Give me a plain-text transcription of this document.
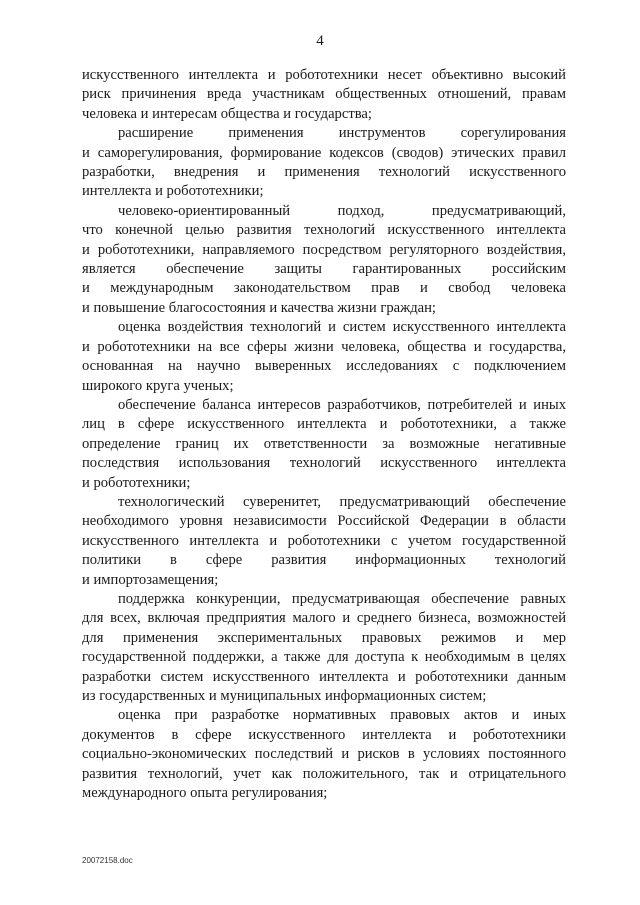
4

искусственного интеллекта и робототехники несет объективно высокий
риск причинения вреда участникам общественных отношений, правам
человека и интересам общества и государства;

расширение применения инструментов сорегулирования
и саморегулирования, формирование кодексов (сводов) этических правил
разработки, внедрения и применения технологий искусственного
интеллекта и робототехники;

человеко-ориентированный подход, предусматривающий,
что конечной целью развития технологий искусственного интеллекта
и робототехники, направляемого посредством регуляторного воздействия,
является обеспечение защиты гарантированных российским
и международным законодательством прав и свобод человека
и повышение благосостояния и качества жизни граждан;

оценка воздействия технологий и систем искусственного интеллекта
и робототехники на все сферы жизни человека, общества и государства,
основанная на научно выверенных исследованиях с подключением
широкого круга ученых;

обеспечение баланса интересов разработчиков, потребителей и иных
лиц в сфере искусственного интеллекта и робототехники, а также
определение границ их ответственности за возможные негативные
последствия использования технологий искусственного интеллекта
и робототехники;

технологический суверенитет, предусматривающий обеспечение
необходимого уровня независимости Российской Федерации в области
искусственного интеллекта и робототехники с учетом государственной
политики в сфере развития информационных технологий
и импортозамещения;

поддержка конкуренции, предусматривающая обеспечение равных
для всех, включая предприятия малого и среднего бизнеса, возможностей
для применения экспериментальных правовых режимов и мер
государственной поддержки, а также для доступа к необходимым в целях
разработки систем искусственного интеллекта и робототехники данным
из государственных и муниципальных информационных систем;

оценка при разработке нормативных правовых актов и иных
документов в сфере искусственного интеллекта и робототехники
социально-экономических последствий и рисков в условиях постоянного
развития технологий, учет как положительного, так и отрицательного
международного опыта регулирования;

20072158.doc
